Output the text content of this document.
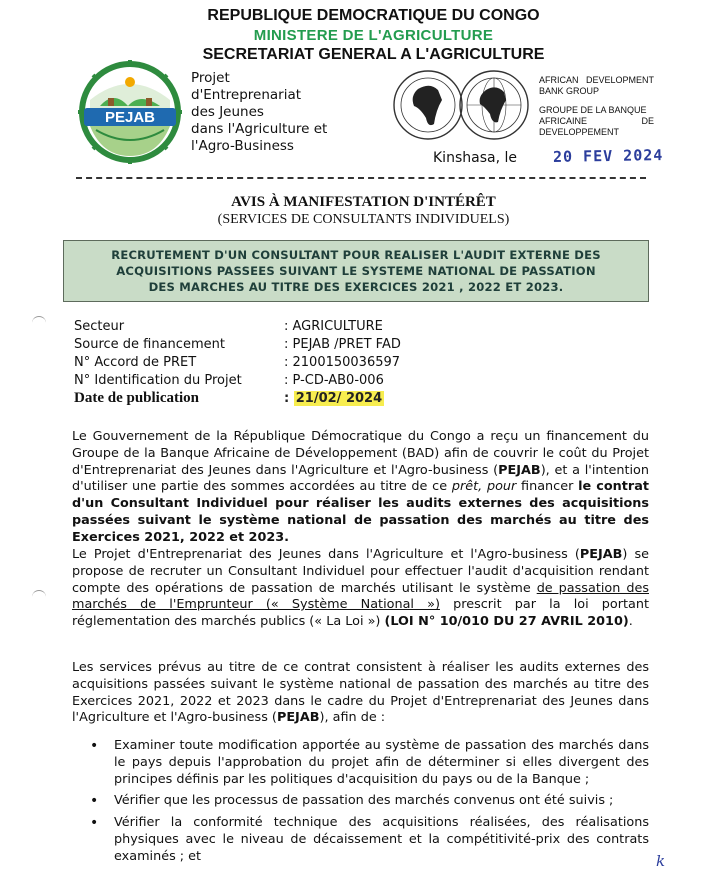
REPUBLIQUE DEMOCRATIQUE DU CONGO
MINISTERE DE L'AGRICULTURE
SECRETARIAT GENERAL A L'AGRICULTURE
PEJAB
Projet
d'Entreprenariat
des Jeunes
dans l'Agriculture et
l'Agro-Business
AFRICAN DEVELOPMENT
BANK GROUP
GROUPE DE LA BANQUE
AFRICAINE	DE
DEVELOPPEMENT
Kinshasa, le 20 FEV 2024
AVIS À MANIFESTATION D'INTÉRÊT
(SERVICES DE CONSULTANTS INDIVIDUELS)
RECRUTEMENT D'UN CONSULTANT POUR REALISER L'AUDIT EXTERNE DES
ACQUISITIONS PASSEES SUIVANT LE SYSTEME NATIONAL DE PASSATION
DES MARCHES AU TITRE DES EXERCICES 2021 , 2022 ET 2023.
Secteur	: AGRICULTURE
Source de financement	: PEJAB /PRET FAD
N° Accord de PRET	: 2100150036597
N° Identification du Projet	: P-CD-AB0-006
Date de publication	: 21/02/ 2024
Le Gouvernement de la République Démocratique du Congo a reçu un financement du Groupe de la Banque Africaine de Développement (BAD) afin de couvrir le coût du Projet d'Entreprenariat des Jeunes dans l'Agriculture et l'Agro-business (PEJAB), et a l'intention d'utiliser une partie des sommes accordées au titre de ce prêt, pour financer le contrat d'un Consultant Individuel pour réaliser les audits externes des acquisitions passées suivant le système national de passation des marchés au titre des Exercices 2021, 2022 et 2023.
Le Projet d'Entreprenariat des Jeunes dans l'Agriculture et l'Agro-business (PEJAB) se propose de recruter un Consultant Individuel pour effectuer l'audit d'acquisition rendant compte des opérations de passation de marchés utilisant le système de passation des marchés de l'Emprunteur (« Système National ») prescrit par la loi portant réglementation des marchés publics (« La Loi ») (LOI N° 10/010 DU 27 AVRIL 2010).
Les services prévus au titre de ce contrat consistent à réaliser les audits externes des acquisitions passées suivant le système national de passation des marchés au titre des Exercices 2021, 2022 et 2023 dans le cadre du Projet d'Entreprenariat des Jeunes dans l'Agriculture et l'Agro-business (PEJAB), afin de :
•	Examiner toute modification apportée au système de passation des marchés dans le pays depuis l'approbation du projet afin de déterminer si elles divergent des principes définis par les politiques d'acquisition du pays ou de la Banque ;
•	Vérifier que les processus de passation des marchés convenus ont été suivis ;
•	Vérifier la conformité technique des acquisitions réalisées, des réalisations physiques avec le niveau de décaissement et la compétitivité-prix des contrats examinés ; et	k
